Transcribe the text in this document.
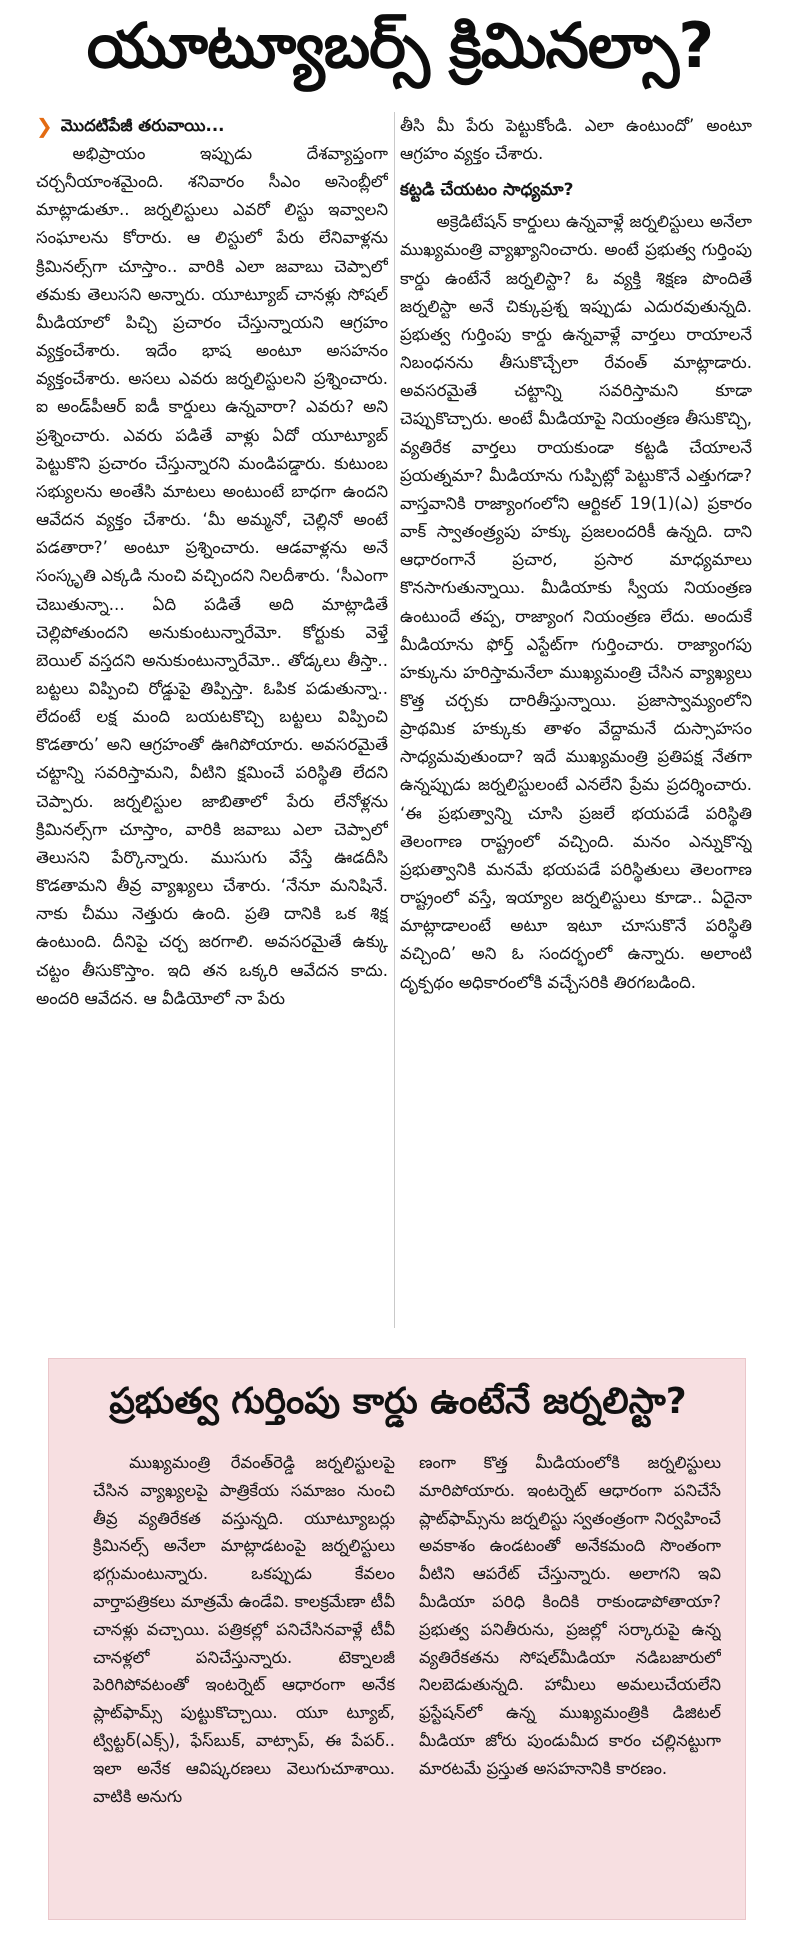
యూట్యూబర్స్ క్రిమినల్సా?
❯ మొదటిపేజీ తరువాయి...

అభిప్రాయం ఇప్పుడు దేశవ్యాప్తంగా చర్చనీయాంశమైంది. శనివారం సీఎం అసెంబ్లీలో మాట్లాడుతూ.. జర్నలిస్టులు ఎవరో లిస్టు ఇవ్వాలని సంఘాలను కోరారు. ఆ లిస్టులో పేరు లేనివాళ్లను క్రిమినల్స్‌గా చూస్తాం.. వారికి ఎలా జవాబు చెప్పాలో తమకు తెలుసని అన్నారు. యూట్యూబ్ చానళ్లు సోషల్ మీడియాలో పిచ్చి ప్రచారం చేస్తున్నాయని ఆగ్రహం వ్యక్తంచేశారు. ఇదేం భాష అంటూ అసహనం వ్యక్తంచేశారు. అసలు ఎవరు జర్నలిస్టులని ప్రశ్నించారు. ఐ అండ్‌పీఆర్ ఐడీ కార్డులు ఉన్నవారా? ఎవరు? అని ప్రశ్నించారు. ఎవరు పడితే వాళ్లు ఏదో యూట్యూబ్ పెట్టుకొని ప్రచారం చేస్తున్నారని మండిపడ్డారు. కుటుంబ సభ్యులను అంతేసి మాటలు అంటుంటే బాధగా ఉందని ఆవేదన వ్యక్తం చేశారు. ‘మీ అమ్మనో, చెల్లినో అంటే పడతారా?’ అంటూ ప్రశ్నించారు. ఆడవాళ్లను అనే సంస్కృతి ఎక్కడి నుంచి వచ్చిందని నిలదీశారు. ‘సీఎంగా చెబుతున్నా... ఏది పడితే అది మాట్లాడితే చెల్లిపోతుందని అనుకుంటున్నారేమో. కోర్టుకు వెళ్తే బెయిల్ వస్తదని అనుకుంటున్నారేమో.. తోడ్కలు తీస్తా.. బట్టలు విప్పించి రోడ్డుపై తిప్పిస్తా. ఓపిక పడుతున్నా.. లేదంటే లక్ష మంది బయటకొచ్చి బట్టలు విప్పించి కొడతారు’ అని ఆగ్రహంతో ఊగిపోయారు. అవసరమైతే చట్టాన్ని సవరిస్తామని, వీటిని క్షమించే పరిస్థితి లేదని చెప్పారు. జర్నలిస్టుల జాబితాలో పేరు లేనోళ్లను క్రిమినల్స్‌గా చూస్తాం, వారికి జవాబు ఎలా చెప్పాలో తెలుసని పేర్కొన్నారు. ముసుగు వేస్తే ఊడదీసి కొడతామని తీవ్ర వ్యాఖ్యలు చేశారు. ‘నేనూ మనిషినే. నాకు చీము నెత్తురు ఉంది. ప్రతి దానికి ఒక శిక్ష ఉంటుంది. దీనిపై చర్చ జరగాలి. అవసరమైతే ఉక్కు చట్టం తీసుకొస్తాం. ఇది తన ఒక్కరి ఆవేదన కాదు. అందరి ఆవేదన. ఆ వీడియోలో నా పేరు

తీసి మీ పేరు పెట్టుకోండి. ఎలా ఉంటుందో’ అంటూ ఆగ్రహం వ్యక్తం చేశారు.

కట్టడి చేయటం సాధ్యమా?

అక్రెడిటేషన్ కార్డులు ఉన్నవాళ్లే జర్నలిస్టులు అనేలా ముఖ్యమంత్రి వ్యాఖ్యానించారు. అంటే ప్రభుత్వ గుర్తింపు కార్డు ఉంటేనే జర్నలిస్టా? ఓ వ్యక్తి శిక్షణ పొందితే జర్నలిస్టా అనే చిక్కుప్రశ్న ఇప్పుడు ఎదురవుతున్నది. ప్రభుత్వ గుర్తింపు కార్డు ఉన్నవాళ్లే వార్తలు రాయాలనే నిబంధనను తీసుకొచ్చేలా రేవంత్ మాట్లాడారు. అవసరమైతే చట్టాన్ని సవరిస్తామని కూడా చెప్పుకొచ్చారు. అంటే మీడియాపై నియంత్రణ తీసుకొచ్చి, వ్యతిరేక వార్తలు రాయకుండా కట్టడి చేయాలనే ప్రయత్నమా? మీడియాను గుప్పిట్లో పెట్టుకొనే ఎత్తుగడా? వాస్తవానికి రాజ్యాంగంలోని ఆర్టికల్ 19(1)(ఎ) ప్రకారం వాక్ స్వాతంత్ర్యపు హక్కు ప్రజలందరికీ ఉన్నది. దాని ఆధారంగానే ప్రచార, ప్రసార మాధ్యమాలు కొనసాగుతున్నాయి. మీడియాకు స్వీయ నియంత్రణ ఉంటుందే తప్ప, రాజ్యాంగ నియంత్రణ లేదు. అందుకే మీడియాను ఫోర్త్ ఎస్టేట్‌గా గుర్తించారు. రాజ్యాంగపు హక్కును హరిస్తామనేలా ముఖ్యమంత్రి చేసిన వ్యాఖ్యలు కొత్త చర్చకు దారితీస్తున్నాయి. ప్రజాస్వామ్యంలోని ప్రాథమిక హక్కుకు తాళం వేద్దామనే దుస్సాహసం సాధ్యమవుతుందా? ఇదే ముఖ్యమంత్రి ప్రతిపక్ష నేతగా ఉన్నప్పుడు జర్నలిస్టులంటే ఎనలేని ప్రేమ ప్రదర్శించారు. ‘ఈ ప్రభుత్వాన్ని చూసి ప్రజలే భయపడే పరిస్థితి తెలంగాణ రాష్ట్రంలో వచ్చింది. మనం ఎన్నుకొన్న ప్రభుత్వానికి మనమే భయపడే పరిస్థితులు తెలంగాణ రాష్ట్రంలో వస్తే, ఇయ్యాల జర్నలిస్టులు కూడా.. ఏదైనా మాట్లాడాలంటే అటూ ఇటూ చూసుకొనే పరిస్థితి వచ్చింది’ అని ఓ సందర్భంలో ఉన్నారు. అలాంటి దృక్పథం అధికారంలోకి వచ్చేసరికి తిరగబడింది.

ప్రభుత్వ గుర్తింపు కార్డు ఉంటేనే జర్నలిస్టా?

ముఖ్యమంత్రి రేవంత్‌రెడ్డి జర్నలిస్టులపై చేసిన వ్యాఖ్యలపై పాత్రికేయ సమాజం నుంచి తీవ్ర వ్యతిరేకత వస్తున్నది. యూట్యూబర్లు క్రిమినల్స్ అనేలా మాట్లాడటంపై జర్నలిస్టులు భగ్గుమంటున్నారు. ఒకప్పుడు కేవలం వార్తాపత్రికలు మాత్రమే ఉండేవి. కాలక్రమేణా టీవీ చానళ్లు వచ్చాయి. పత్రికల్లో పనిచేసినవాళ్లే టీవీ చానళ్లలో పనిచేస్తున్నారు. టెక్నాలజీ పెరిగిపోవటంతో ఇంటర్నెట్ ఆధారంగా అనేక ప్లాట్‌ఫామ్స్ పుట్టుకొచ్చాయి. యూ ట్యూబ్, ట్విట్టర్(ఎక్స్), ఫేస్‌బుక్, వాట్సాప్, ఈ పేపర్.. ఇలా అనేక ఆవిష్కరణలు వెలుగుచూశాయి. వాటికి అనుగు

ణంగా కొత్త మీడియంలోకి జర్నలిస్టులు మారిపోయారు. ఇంటర్నెట్ ఆధారంగా పనిచేసే ప్లాట్‌ఫామ్స్‌ను జర్నలిస్టు స్వతంత్రంగా నిర్వహించే అవకాశం ఉండటంతో అనేకమంది సొంతంగా వీటిని ఆపరేట్ చేస్తున్నారు. అలాగని ఇవి మీడియా పరిధి కిందికి రాకుండాపోతాయా? ప్రభుత్వ పనితీరును, ప్రజల్లో సర్కారుపై ఉన్న వ్యతిరేకతను సోషల్‌మీడియా నడిబజారులో నిలబెడుతున్నది. హామీలు అమలుచేయలేని ఫ్రస్టేషన్‌లో ఉన్న ముఖ్యమంత్రికి డిజిటల్ మీడియా జోరు పుండుమీద కారం చల్లినట్టుగా మారటమే ప్రస్తుత అసహనానికి కారణం.
